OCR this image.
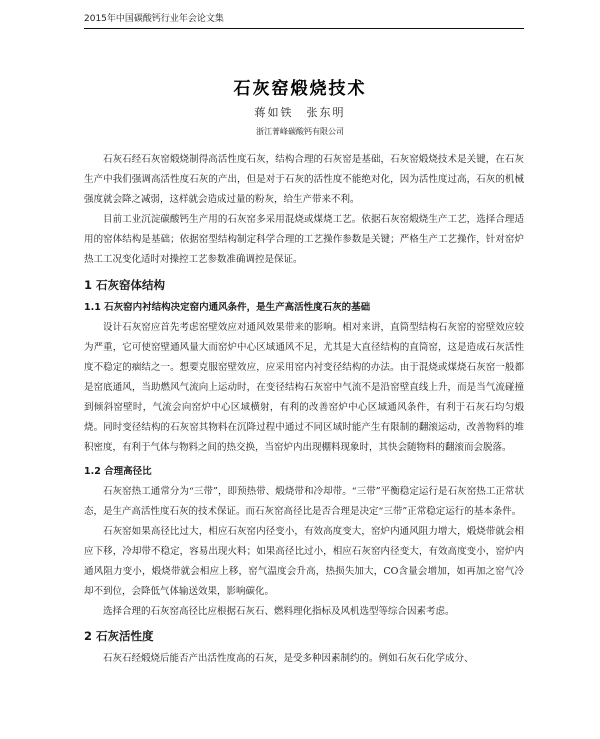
2015年中国碳酸钙行业年会论文集
石灰窑煅烧技术
蒋如铁　张东明
浙江菁峰碳酸钙有限公司

石灰石经石灰窑煅烧制得高活性度石灰，结构合理的石灰窑是基础，石灰窑煅烧技术是关键，在石灰生产中我们强调高活性度石灰的产出，但是对于石灰的活性度不能绝对化，因为活性度过高，石灰的机械强度就会降之减弱，这样就会造成过量的粉灰，给生产带来不利。

目前工业沉淀碳酸钙生产用的石灰窑多采用混烧或煤烧工艺。依据石灰窑煅烧生产工艺，选择合理适用的窑体结构是基础；依据窑型结构制定科学合理的工艺操作参数是关键；严格生产工艺操作，针对窑炉热工工况变化适时对操控工艺参数准确调控是保证。

1 石灰窑体结构
1.1 石灰窑内衬结构决定窑内通风条件，是生产高活性度石灰的基础

设计石灰窑应首先考虑窑壁效应对通风效果带来的影响。相对来讲，直筒型结构石灰窑的窑壁效应较为严重，它可使窑壁通风量大而窑炉中心区域通风不足，尤其是大直径结构的直筒窑，这是造成石灰活性度不稳定的痼结之一。想要克服窑壁效应，应采用窑内衬变径结构的办法。由于混烧或煤烧石灰窑一般都是窑底通风，当助燃风气流向上运动时，在变径结构石灰窑中气流不是沿窑壁直线上升，而是当气流碰撞到倾斜窑壁时，气流会向窑炉中心区域横射，有利的改善窑炉中心区域通风条件，有利于石灰石均匀煅烧。同时变径结构的石灰窑其物料在沉降过程中通过不同区域时能产生有限制的翻滚运动，改善物料的堆积密度，有利于气体与物料之间的热交换，当窑炉内出现棚料现象时，其快会随物料的翻滚而会脱落。

1.2 合理高径比

石灰窑热工通常分为“三带”，即预热带、煅烧带和冷却带。“三带”平衡稳定运行是石灰窑热工正常状态，是生产高活性度石灰的技术保证。而石灰窑高径比是否合理是决定“三带”正常稳定运行的基本条件。

石灰窑如果高径比过大，相应石灰窑内径变小，有效高度变大，窑炉内通风阻力增大，煅烧带就会相应下移，冷却带不稳定，容易出现火料；如果高径比过小，相应石灰窑内径变大，有效高度变小，窑炉内通风阻力变小，煅烧带就会相应上移，窑气温度会升高，热损失加大，CO含量会增加，如再加之窑气冷却不到位，会降低气体输送效果，影响碳化。

选择合理的石灰窑高径比应根据石灰石、燃料理化指标及风机选型等综合因素考虑。

2 石灰活性度

石灰石经煅烧后能否产出活性度高的石灰，是受多种因素制约的。例如石灰石化学成分、
